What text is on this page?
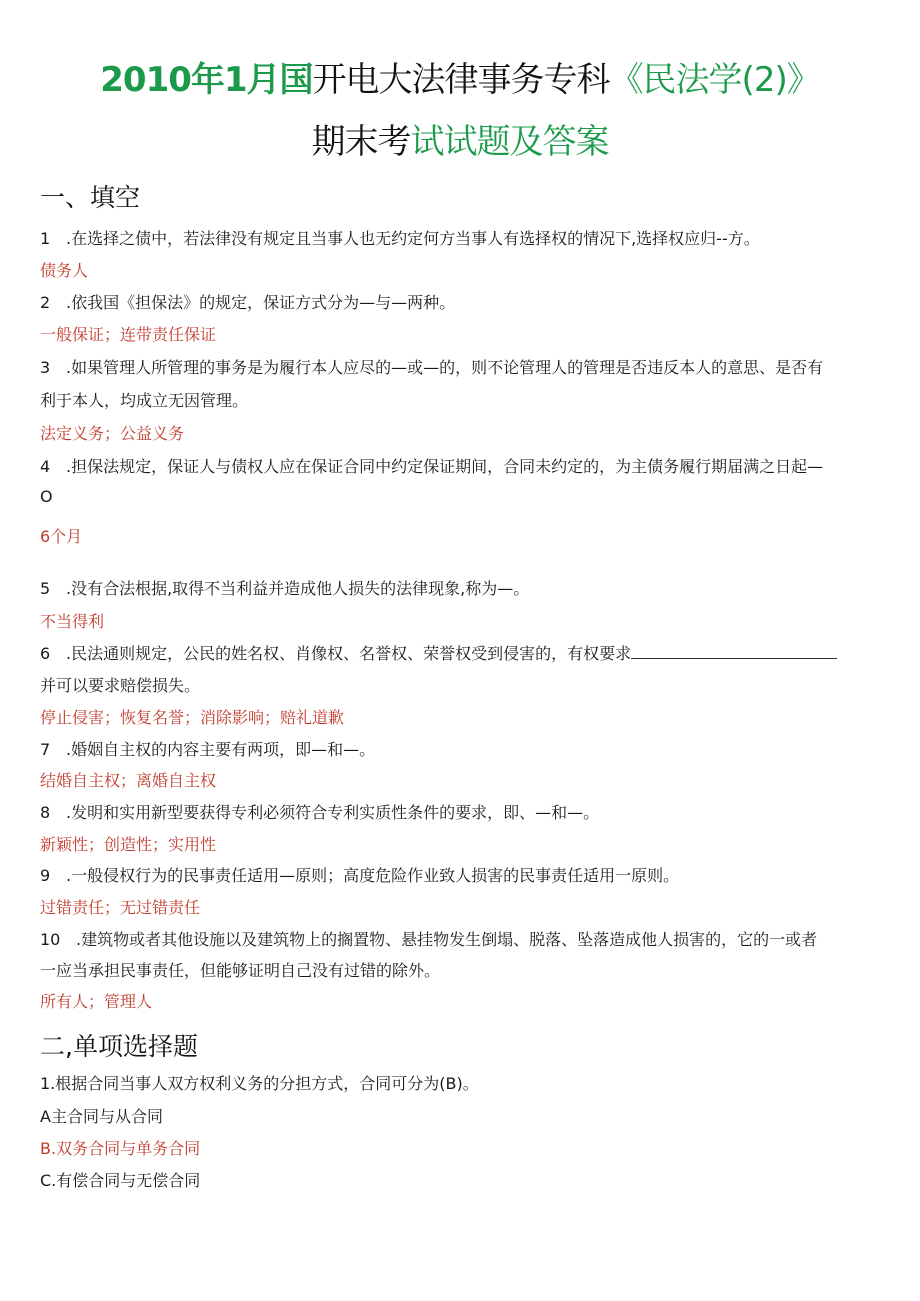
2010年1月国开电大法律事务专科《民法学(2)》
期末考试试题及答案
一、填空
1 .在选择之债中，若法律没有规定且当事人也无约定何方当事人有选择权的情况下,选择权应归--方。
债务人
2 .依我国《担保法》的规定，保证方式分为—与—两种。
一般保证；连带责任保证
3 .如果管理人所管理的事务是为履行本人应尽的—或—的，则不论管理人的管理是否违反本人的意思、是否有
利于本人，均成立无因管理。
法定义务；公益义务
4 .担保法规定，保证人与债权人应在保证合同中约定保证期间，合同未约定的，为主债务履行期届满之日起—
O
6个月
5 .没有合法根据,取得不当利益并造成他人损失的法律现象,称为—。
不当得利
6 .民法通则规定，公民的姓名权、肖像权、名誉权、荣誉权受到侵害的，有权要求
并可以要求赔偿损失。
停止侵害；恢复名誉；消除影响；赔礼道歉
7 .婚姻自主权的内容主要有两项，即—和—。
结婚自主权；离婚自主权
8 .发明和实用新型要获得专利必须符合专利实质性条件的要求，即、—和—。
新颖性；创造性；实用性
9 .一般侵权行为的民事责任适用—原则；高度危险作业致人损害的民事责任适用一原则。
过错责任；无过错责任
10 .建筑物或者其他设施以及建筑物上的搁置物、悬挂物发生倒塌、脱落、坠落造成他人损害的，它的一或者
一应当承担民事责任，但能够证明自己没有过错的除外。
所有人；管理人
二,单项选择题
1.根据合同当事人双方权利义务的分担方式，合同可分为(B)。
A主合同与从合同
B.双务合同与单务合同
C.有偿合同与无偿合同
